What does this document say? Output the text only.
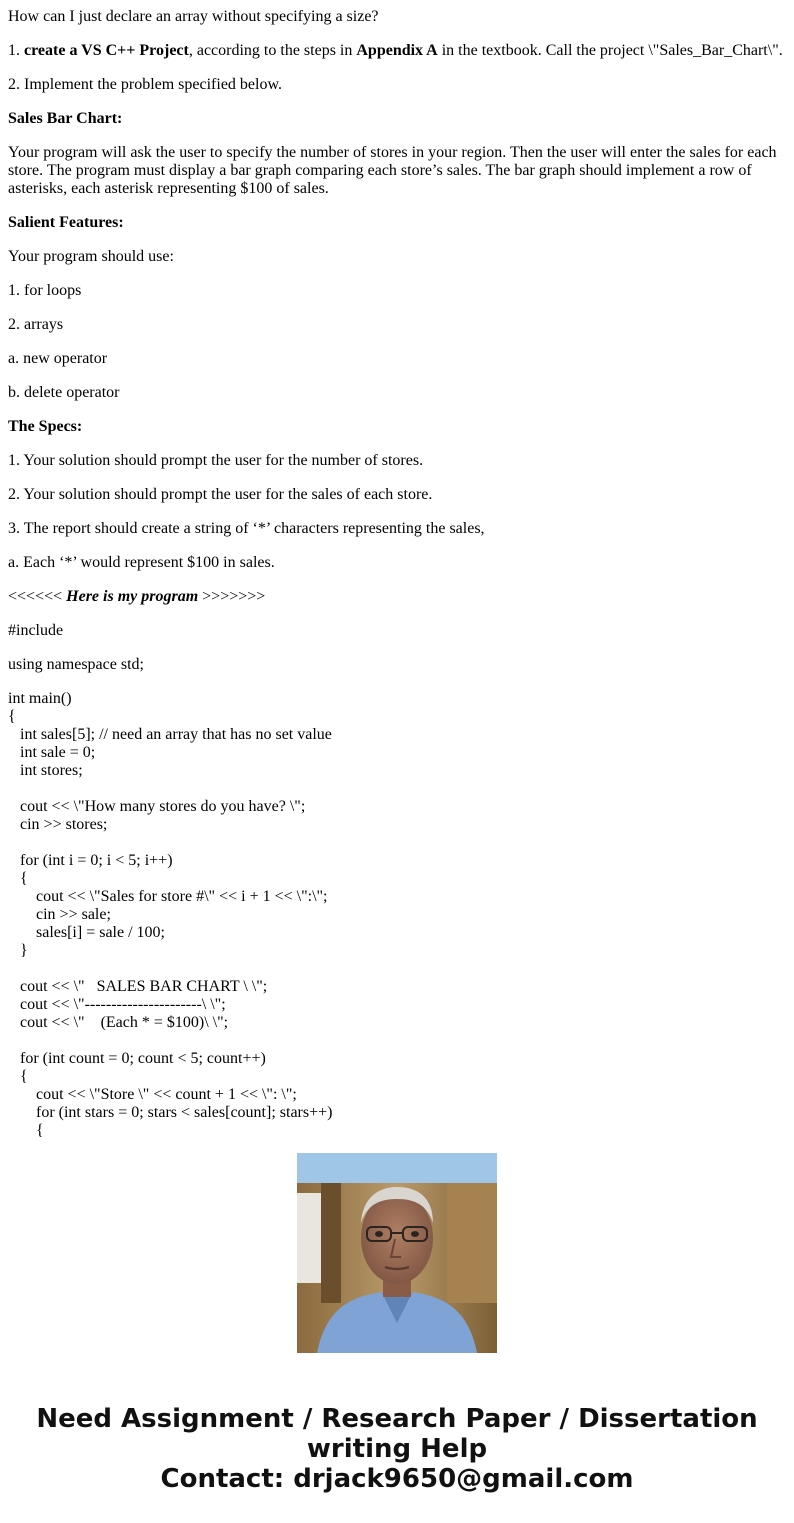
How can I just declare an array without specifying a size?
1. create a VS C++ Project, according to the steps in Appendix A in the textbook. Call the project \"Sales_Bar_Chart\".
2. Implement the problem specified below.
Sales Bar Chart:
Your program will ask the user to specify the number of stores in your region. Then the user will enter the sales for each store. The program must display a bar graph comparing each store’s sales. The bar graph should implement a row of asterisks, each asterisk representing $100 of sales.
Salient Features:
Your program should use:
1. for loops
2. arrays
a. new operator
b. delete operator
The Specs:
1. Your solution should prompt the user for the number of stores.
2. Your solution should prompt the user for the sales of each store.
3. The report should create a string of ‘*’ characters representing the sales,
a. Each ‘*’ would represent $100 in sales.
<<<<<< Here is my program >>>>>>>
#include
using namespace std;
int main()
{
int sales[5]; // need an array that has no set value
int sale = 0;
int stores;
cout << \"How many stores do you have? \";
cin >> stores;
for (int i = 0; i < 5; i++)
{
cout << \"Sales for store #\" << i + 1 << \":\";
cin >> sale;
sales[i] = sale / 100;
}
cout << \"   SALES BAR CHART \ \";
cout << \"----------------------\ \";
cout << \"    (Each * = $100)\ \";
for (int count = 0; count < 5; count++)
{
cout << \"Store \" << count + 1 << \": \";
for (int stars = 0; stars < sales[count]; stars++)
{
Need Assignment / Research Paper / Dissertation
writing Help
Contact: drjack9650@gmail.com
